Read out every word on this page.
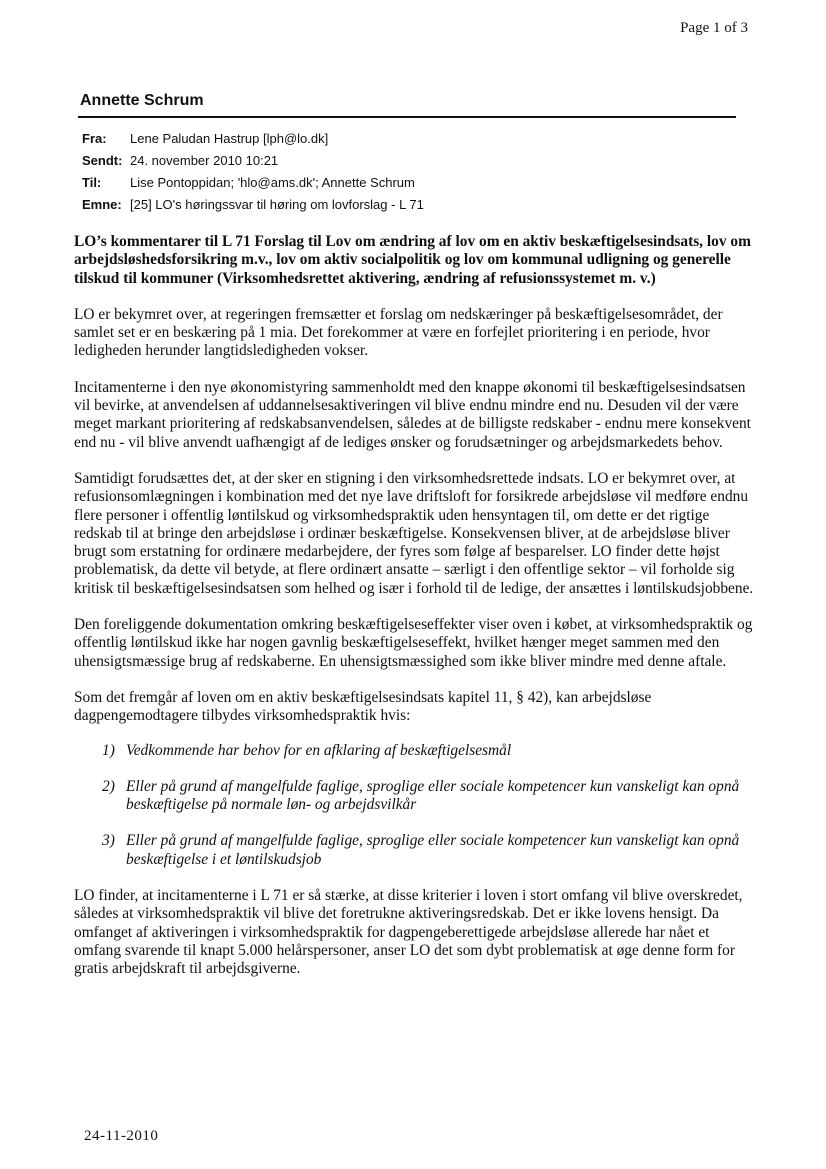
Page 1 of 3
Annette Schrum
Fra: Lene Paludan Hastrup [lph@lo.dk]
Sendt: 24. november 2010 10:21
Til: Lise Pontoppidan; 'hlo@ams.dk'; Annette Schrum
Emne: [25] LO's høringssvar til høring om lovforslag - L 71

LO’s kommentarer til L 71 Forslag til Lov om ændring af lov om en aktiv beskæftigelsesindsats, lov om arbejdsløshedsforsikring m.v., lov om aktiv socialpolitik og lov om kommunal udligning og generelle tilskud til kommuner (Virksomhedsrettet aktivering, ændring af refusionssystemet m. v.)

LO er bekymret over, at regeringen fremsætter et forslag om nedskæringer på beskæftigelsesområdet, der samlet set er en beskæring på 1 mia. Det forekommer at være en forfejlet prioritering i en periode, hvor ledigheden herunder langtidsledigheden vokser.

Incitamenterne i den nye økonomistyring sammenholdt med den knappe økonomi til beskæftigelsesindsatsen vil bevirke, at anvendelsen af uddannelsesaktiveringen vil blive endnu mindre end nu. Desuden vil der være meget markant prioritering af redskabsanvendelsen, således at de billigste redskaber - endnu mere konsekvent end nu - vil blive anvendt uafhængigt af de lediges ønsker og forudsætninger og arbejdsmarkedets behov.

Samtidigt forudsættes det, at der sker en stigning i den virksomhedsrettede indsats. LO er bekymret over, at refusionsomlægningen i kombination med det nye lave driftsloft for forsikrede arbejdsløse vil medføre endnu flere personer i offentlig løntilskud og virksomhedspraktik uden hensyntagen til, om dette er det rigtige redskab til at bringe den arbejdsløse i ordinær beskæftigelse. Konsekvensen bliver, at de arbejdsløse bliver brugt som erstatning for ordinære medarbejdere, der fyres som følge af besparelser. LO finder dette højst problematisk, da dette vil betyde, at flere ordinært ansatte – særligt i den offentlige sektor – vil forholde sig kritisk til beskæftigelsesindsatsen som helhed og især i forhold til de ledige, der ansættes i løntilskudsjobbene.

Den foreliggende dokumentation omkring beskæftigelseseffekter viser oven i købet, at virksomhedspraktik og offentlig løntilskud ikke har nogen gavnlig beskæftigelseseffekt, hvilket hænger meget sammen med den uhensigtsmæssige brug af redskaberne. En uhensigtsmæssighed som ikke bliver mindre med denne aftale.

Som det fremgår af loven om en aktiv beskæftigelsesindsats kapitel 11, § 42), kan arbejdsløse dagpengemodtagere tilbydes virksomhedspraktik hvis:

1) Vedkommende har behov for en afklaring af beskæftigelsesmål
2) Eller på grund af mangelfulde faglige, sproglige eller sociale kompetencer kun vanskeligt kan opnå beskæftigelse på normale løn- og arbejdsvilkår
3) Eller på grund af mangelfulde faglige, sproglige eller sociale kompetencer kun vanskeligt kan opnå beskæftigelse i et løntilskudsjob

LO finder, at incitamenterne i L 71 er så stærke, at disse kriterier i loven i stort omfang vil blive overskredet, således at virksomhedspraktik vil blive det foretrukne aktiveringsredskab. Det er ikke lovens hensigt. Da omfanget af aktiveringen i virksomhedspraktik for dagpengeberettigede arbejdsløse allerede har nået et omfang svarende til knapt 5.000 helårspersoner, anser LO det som dybt problematisk at øge denne form for gratis arbejdskraft til arbejdsgiverne.

24-11-2010
